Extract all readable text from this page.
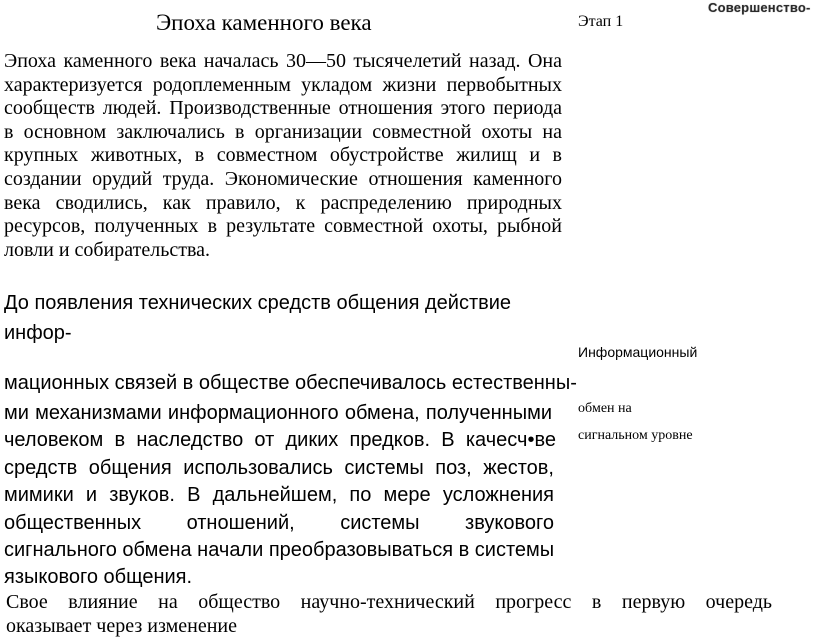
Эпоха каменного века	Этап 1
Совершенство-
Эпоха каменного века началась 30—50 тысячелетий назад. Она характеризуется родоплеменным укладом жизни первобытных сообществ людей. Производственные отношения этого периода в основном заключались в организации совместной охоты на крупных животных, в совместном обустройстве жилищ и в создании орудий труда. Экономические отношения каменного века сводились, как правило, к распределению природных ресурсов, полученных в результате совместной охоты, рыбной ловли и собирательства.
До появления технических средств общения действие
инфор-
Информационный
обмен на
сигнальном уровне
мационных связей в обществе обеспечивалось естественны-
ми механизмами информационного обмена, полученными
человеком в наследство от диких предков. В качесч•ве
средств общения использовались системы поз, жестов,
мимики и звуков. В дальнейшем, по мере усложнения
общественных отношений, системы звукового
сигнального обмена начали преобразовываться в системы
языкового общения.
Свое влияние на общество научно-технический прогресс в первую очередь
оказывает через изменение
